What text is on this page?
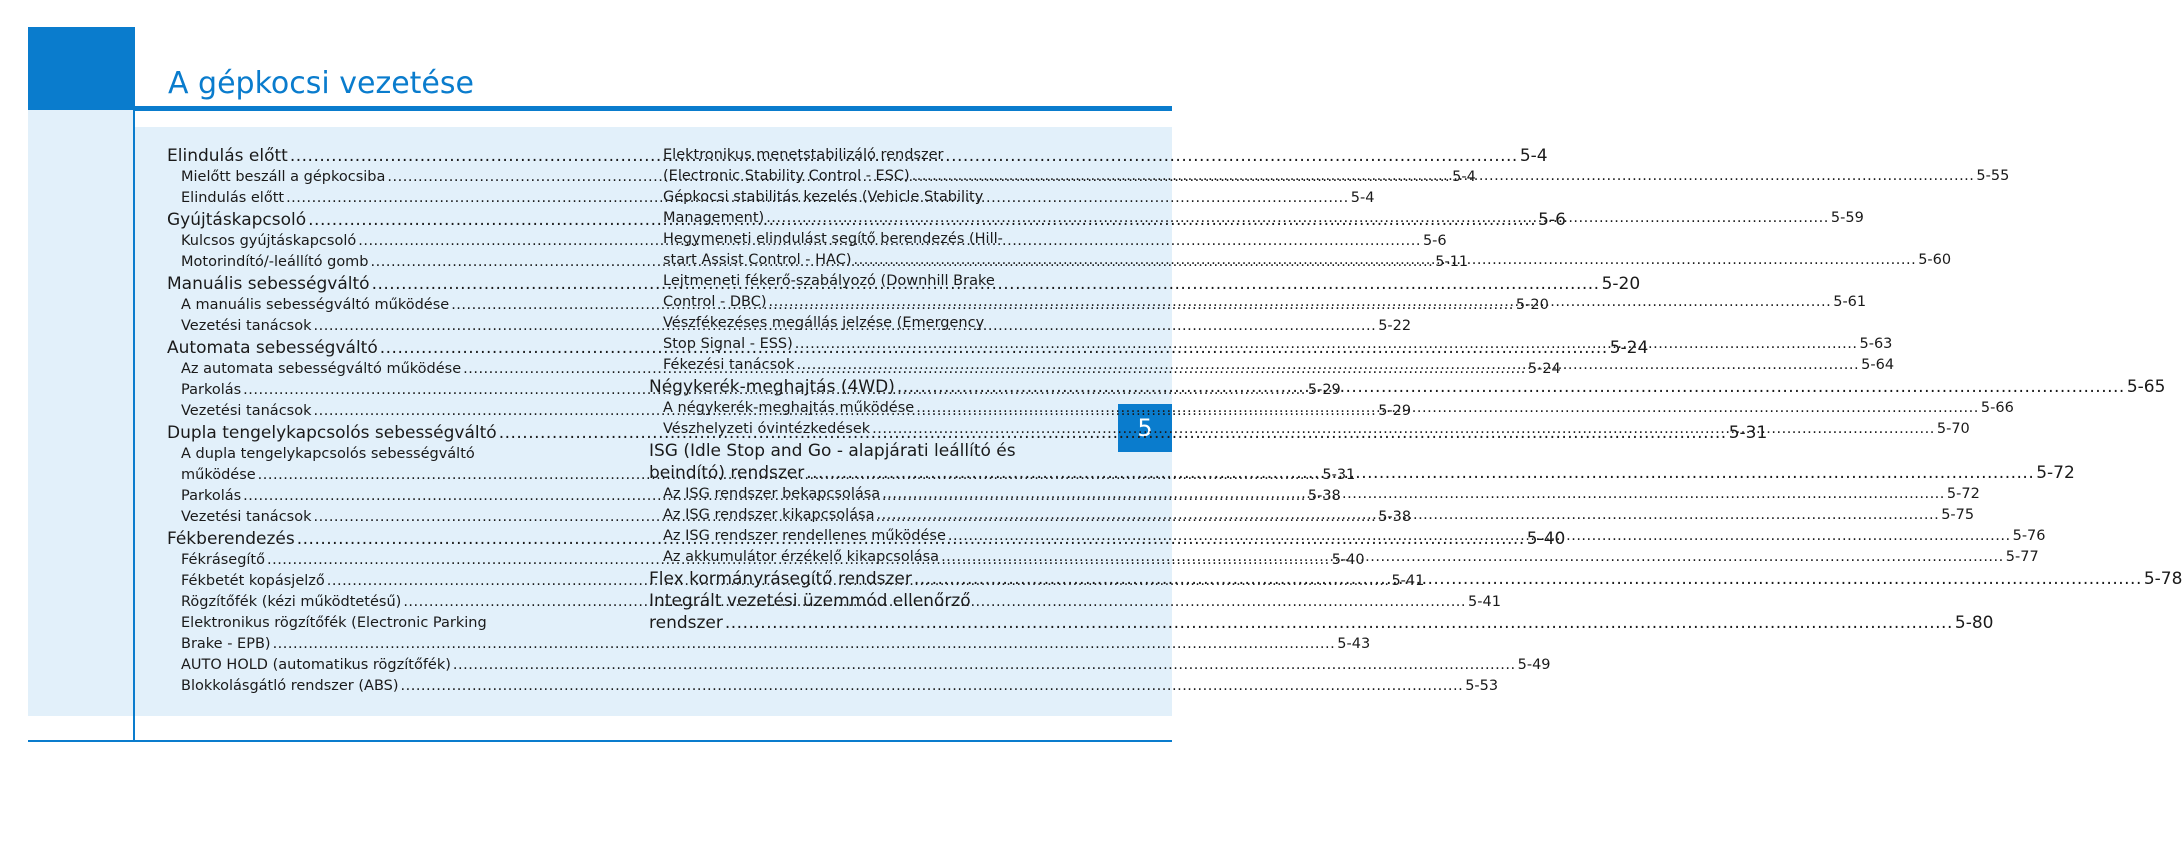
A gépkocsi vezetése
5
Elindulás előtt .....	5-4
Mielőtt beszáll a gépkocsiba .....	5-4
Elindulás előtt .....	5-4
Gyújtáskapcsoló .....	5-6
Kulcsos gyújtáskapcsoló .....	5-6
Motorindító/-leállító gomb .....	5-11
Manuális sebességváltó .....	5-20
A manuális sebességváltó működése .....	5-20
Vezetési tanácsok .....	5-22
Automata sebességváltó .....	5-24
Az automata sebességváltó működése .....	5-24
Parkolás .....	5-29
Vezetési tanácsok .....	5-29
Dupla tengelykapcsolós sebességváltó .....	5-31
A dupla tengelykapcsolós sebességváltó
működése .....	5-31
Parkolás .....	5-38
Vezetési tanácsok .....	5-38
Fékberendezés .....	5-40
Fékrásegítő .....	5-40
Fékbetét kopásjelző .....	5-41
Rögzítőfék (kézi működtetésű) .....	5-41
Elektronikus rögzítőfék (Electronic Parking
Brake - EPB) .....	5-43
AUTO HOLD (automatikus rögzítőfék) .....	5-49
Blokkolásgátló rendszer (ABS) .....	5-53
Elektronikus menetstabilizáló rendszer
(Electronic Stability Control - ESC) .....	5-55
Gépkocsi stabilitás kezelés (Vehicle Stability
Management) .....	5-59
Hegymeneti elindulást segítő berendezés (Hill-
start Assist Control - HAC) .....	5-60
Lejtmeneti fékerő-szabályozó (Downhill Brake
Control - DBC) .....	5-61
Vészfékezéses megállás jelzése (Emergency
Stop Signal - ESS) .....	5-63
Fékezési tanácsok .....	5-64
Négykerék-meghajtás (4WD) .....	5-65
A négykerék-meghajtás működése .....	5-66
Vészhelyzeti óvintézkedések .....	5-70
ISG (Idle Stop and Go - alapjárati leállító és
beindító) rendszer .....	5-72
Az ISG rendszer bekapcsolása .....	5-72
Az ISG rendszer kikapcsolása .....	5-75
Az ISG rendszer rendellenes működése .....	5-76
Az akkumulátor érzékelő kikapcsolása .....	5-77
Flex kormányrásegítő rendszer .....	5-78
Integrált vezetési üzemmód ellenőrző
rendszer .....	5-80
